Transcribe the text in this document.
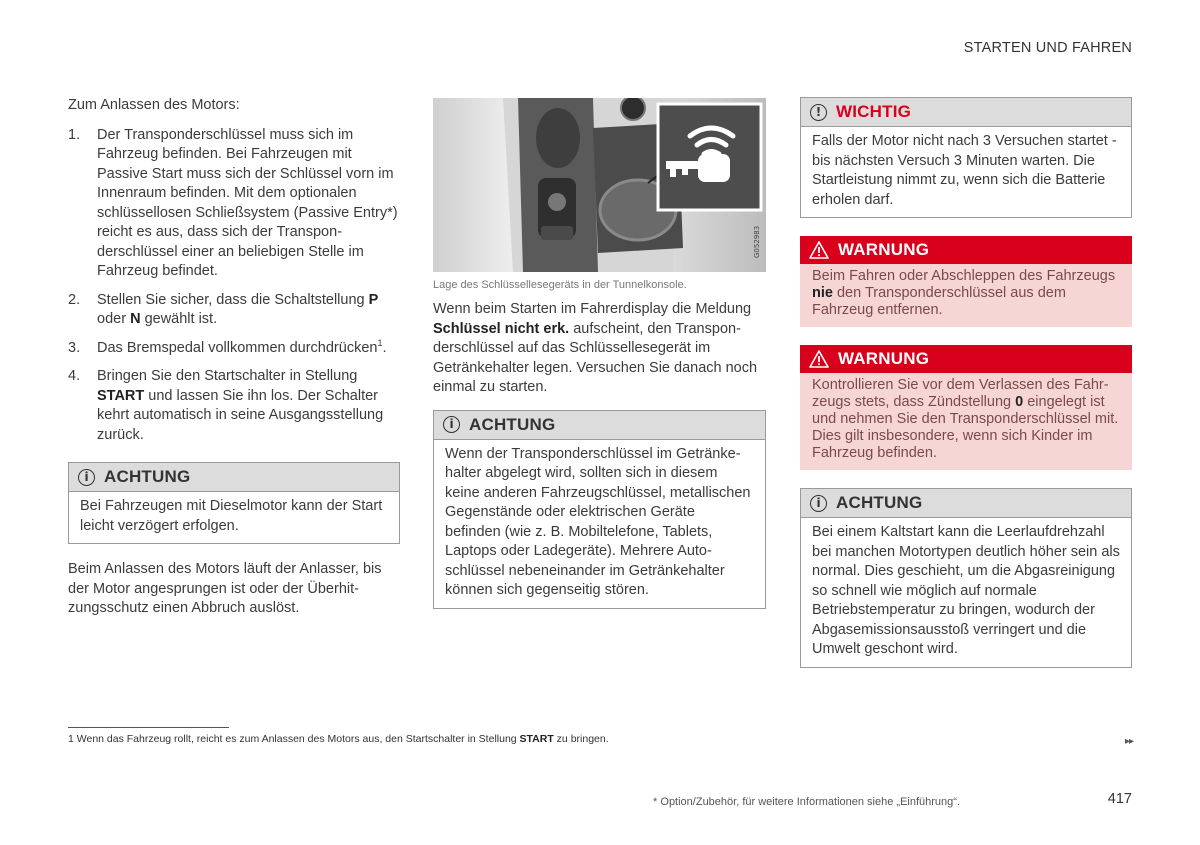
STARTEN UND FAHREN

Zum Anlassen des Motors:

1. Der Transponderschlüssel muss sich im Fahrzeug befinden. Bei Fahrzeugen mit Passive Start muss sich der Schlüssel vorn im Innenraum befinden. Mit dem optionalen schlüssellosen Schließsystem (Passive Entry*) reicht es aus, dass sich der Transponderschlüssel einer an beliebigen Stelle im Fahrzeug befindet.
2. Stellen Sie sicher, dass die Schaltstellung P oder N gewählt ist.
3. Das Bremspedal vollkommen durchdrücken$^1$.
4. Bringen Sie den Startschalter in Stellung START und lassen Sie ihn los. Der Schalter kehrt automatisch in seine Ausgangsstellung zurück.
i ACHTUNG
Bei Fahrzeugen mit Dieselmotor kann der Start leicht verzögert erfolgen.

Beim Anlassen des Motors läuft der Anlasser, bis der Motor angesprungen ist oder der Überhitzungsschutz einen Abbruch auslöst.

G052983
Lage des Schlüssellesegeräts in der Tunnelkonsole.

Wenn beim Starten im Fahrerdisplay die Meldung Schlüssel nicht erk. aufscheint, den Transponderschlüssel auf das Schlüssellesegerät im Getränkehalter legen. Versuchen Sie danach noch einmal zu starten.

i ACHTUNG
Wenn der Transponderschlüssel im Getränkehalter abgelegt wird, sollten sich in diesem keine anderen Fahrzeugschlüssel, metallischen Gegenstände oder elektrischen Geräte befinden (wie z. B. Mobiltelefone, Tablets, Laptops oder Ladegeräte). Mehrere Autoschlüssel nebeneinander im Getränkehalter können sich gegenseitig stören.
! WICHTIG
Falls der Motor nicht nach 3 Versuchen startet - bis nächsten Versuch 3 Minuten warten. Die Startleistung nimmt zu, wenn sich die Batterie erholen darf.
WARNUNG
Beim Fahren oder Abschleppen des Fahrzeugs nie den Transponderschlüssel aus dem Fahrzeug entfernen.
WARNUNG
Kontrollieren Sie vor dem Verlassen des Fahrzeugs stets, dass Zündstellung 0 eingelegt ist und nehmen Sie den Transponderschlüssel mit. Dies gilt insbesondere, wenn sich Kinder im Fahrzeug befinden.
i ACHTUNG
Bei einem Kaltstart kann die Leerlaufdrehzahl bei manchen Motortypen deutlich höher sein als normal. Dies geschieht, um die Abgasreinigung so schnell wie möglich auf normale Betriebstemperatur zu bringen, wodurch der Abgasemissionsausstoß verringert und die Umwelt geschont wird.
1 Wenn das Fahrzeug rollt, reicht es zum Anlassen des Motors aus, den Startschalter in Stellung START zu bringen.	▸▸
* Option/Zubehör, für weitere Informationen siehe „Einführung“.	417
